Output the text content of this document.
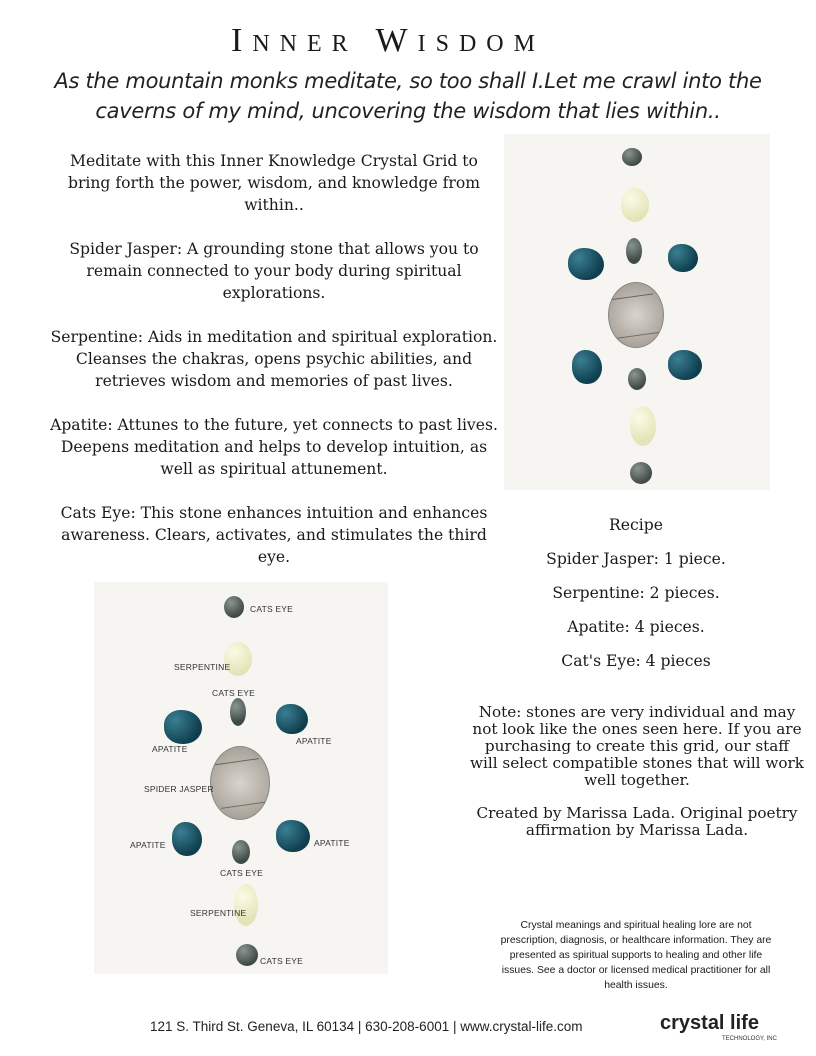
Inner Wisdom
As the mountain monks meditate, so too shall I.Let me crawl into the caverns of my mind, uncovering the wisdom that lies within..

Meditate with this Inner Knowledge Crystal Grid to bring forth the power, wisdom, and knowledge from within..

Spider Jasper: A grounding stone that allows you to remain connected to your body during spiritual explorations.

Serpentine: Aids in meditation and spiritual exploration. Cleanses the chakras, opens psychic abilities, and retrieves wisdom and memories of past lives.

Apatite: Attunes to the future, yet connects to past lives. Deepens meditation and helps to develop intuition, as well as spiritual attunement.

Cats Eye: This stone enhances intuition and enhances awareness. Clears, activates, and stimulates the third eye.

CATS EYE
SERPENTINE
CATS EYE
APATITE
APATITE
SPIDER JASPER
APATITE	APATITE
CATS EYE
SERPENTINE
CATS EYE

Recipe

Spider Jasper: 1 piece.

Serpentine: 2 pieces.

Apatite: 4 pieces.

Cat's Eye: 4 pieces

Note: stones are very individual and may not look like the ones seen here. If you are purchasing to create this grid, our staff will select compatible stones that will work well together.

Created by Marissa Lada. Original poetry affirmation by Marissa Lada.

Crystal meanings and spiritual healing lore are not prescription, diagnosis, or healthcare information. They are presented as spiritual supports to healing and other life issues. See a doctor or licensed medical practitioner for all health issues.
121 S. Third St. Geneva, IL 60134 | 630-208-6001 | www.crystal-life.com	crystal life
TECHNOLOGY, INC
